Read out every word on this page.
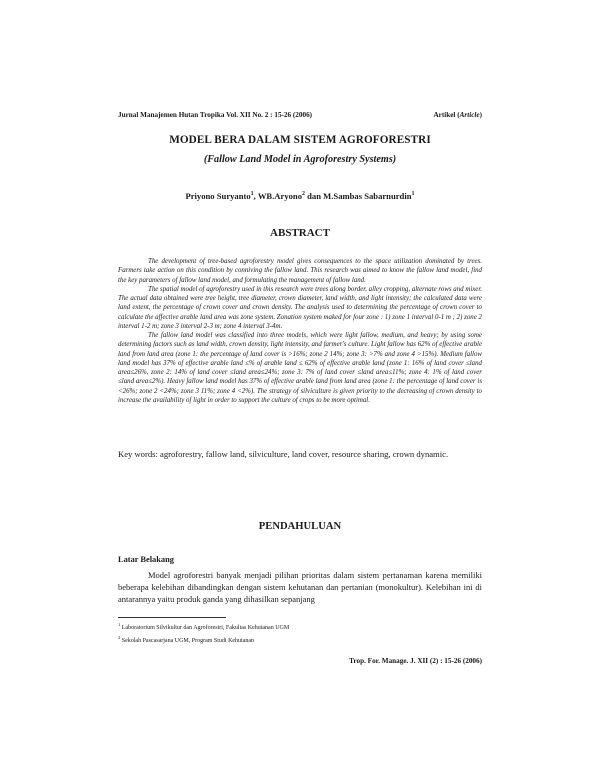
Jurnal Manajemen Hutan Tropika Vol. XII No. 2 : 15-26 (2006)	Artikel (Article)
MODEL BERA DALAM SISTEM AGROFORESTRI
(Fallow Land Model in Agroforestry Systems)
Priyono Suryanto$^1$, WB.Aryono$^2$ dan M.Sambas Sabarnurdin$^1$
ABSTRACT

The development of tree-based agroforestry model gives consequences to the space utilization dominated by trees. Farmers take action on this condition by conniving the fallow land. This research was aimed to know the fallow land model, find the key parameters of fallow land model, and formulating the management of fallow land.

The spatial model of agroforestry used in this research were trees along border, alley cropping, alternate rows and mixer. The actual data obtained were tree height, tree diameter, crown diameter, land width, and light intensity; the calculated data were land extent, the percentage of crown cover and crown density. The analysis used to determining the percentage of crown cover to calculate the affective arable land area was zone system. Zonation system maked for four zone : 1) zone 1 interval 0-1 m ; 2) zone 2 interval 1-2 m; zone 3 interval 2-3 m; zone 4 interval 3-4m.

The fallow land model was classified into three models, which were light fallow, medium, and heavy; by using some determining factors such as land width, crown density, light intensity, and farmer's culture. Light fallow has 62% of effective arable land from land area (zone 1: the percentage of land cover is >16%; zone 2 14%; zone 3: >7% and zone 4 >15%). Medium fallow land model has 37% of effective arable land ≤% of arable land ≤ 62% of effective arable land (zone 1: 16% of land cover ≤land area≤26%, zone 2: 14% of land cover ≤land area≤24%; zone 3: 7% of land cover ≤land area≤11%; zone 4: 1% of land cover ≤land area≤2%). Heavy fallow land model has 37% of effective arable land from land area (zone 1: the percentage of land cover is <26%; zone 2 <24%; zone 3 11%; zone 4 <2%). The strategy of silviculture is given priority to the decreasing of crown density to increase the availability of light in order to support the culture of crops to be more optimal.

Key words: agroforestry, fallow land, silviculture, land cover, resource sharing, crown dynamic.
PENDAHULUAN
Latar Belakang

Model agroforestri banyak menjadi pilihan prioritas dalam sistem pertanaman karena memiliki beberapa kelebihan dibandingkan dengan sistem kehutanan dan pertanian (monokultur). Kelebihan ini di antarannya yaitu produk ganda yang dihasilkan sepanjang

$^1$ Laboratorium Silvikultur dan Agroforestri, Fakultas Kehutanan UGM
$^2$ Sekolah Pascasarjana UGM, Program Studi Kehutanan
Trop. For. Manage. J. XII (2) : 15-26 (2006)
